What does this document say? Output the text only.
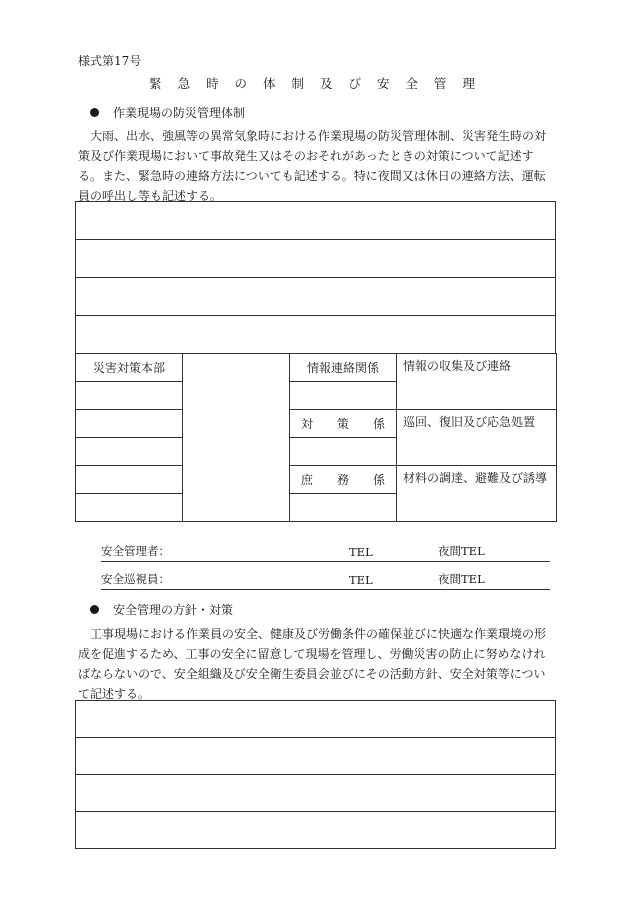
様式第17号
緊 急 時 の 体 制 及 び 安 全 管 理
作業現場の防災管理体制
大雨、出水、強風等の異常気象時における作業現場の防災管理体制、災害発生時の対
策及び作業現場において事故発生又はそのおそれがあったときの対策について記述す
る。また、緊急時の連絡方法についても記述する。特に夜間又は休日の連絡方法、運転
員の呼出し等も記述する。

災害対策本部		情報連絡関係	情報の収集及び連絡

		対　　策　　係	巡回、復旧及び応急処置

		庶　　務　　係	材料の調達、避難及び誘導

安全管理者：	TEL	夜間TEL
安全巡視員：	TEL	夜間TEL
安全管理の方針・対策
工事現場における作業員の安全、健康及び労働条件の確保並びに快適な作業環境の形
成を促進するため、工事の安全に留意して現場を管理し、労働災害の防止に努めなけれ
ばならないので、安全組織及び安全衛生委員会並びにその活動方針、安全対策等につい
て記述する。
